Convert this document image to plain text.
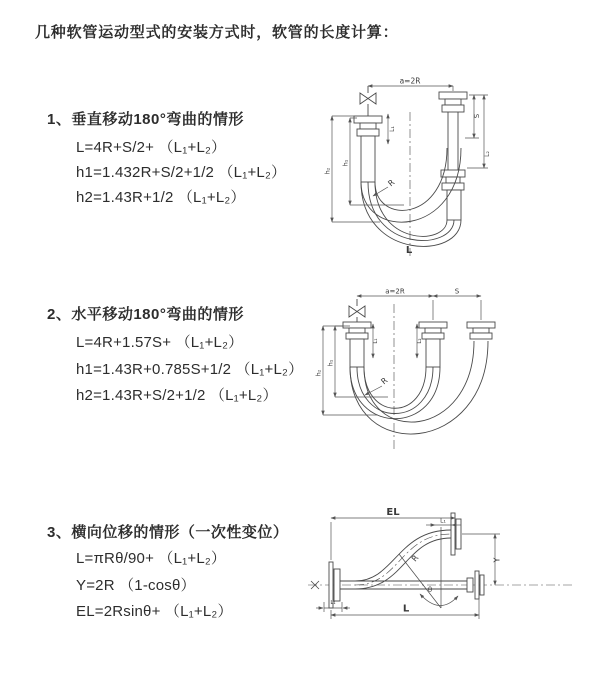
几种软管运动型式的安装方式时，软管的长度计算：
1、垂直移动180°弯曲的情形
L=4R+S/2+ （L₁+L₂）
h1=1.432R+S/2+1/2 （L₁+L₂）
h2=1.43R+1/2 （L₁+L₂）
2、水平移动180°弯曲的情形
L=4R+1.57S+ （L₁+L₂）
h1=1.43R+0.785S+1/2 （L₁+L₂）
h2=1.43R+S/2+1/2 （L₁+L₂）
3、横向位移的情形（一次性变位）
L=πRθ/90+ （L₁+L₂）
Y=2R （1-cosθ）
EL=2Rsinθ+ （L₁+L₂）
a=2R
L₁
S
L₂
h₁
h₂
R
L
a=2R	S
L₁	L₂
h₁
h₂
R
EL
L₁
Y
R
θ
L
L₁
